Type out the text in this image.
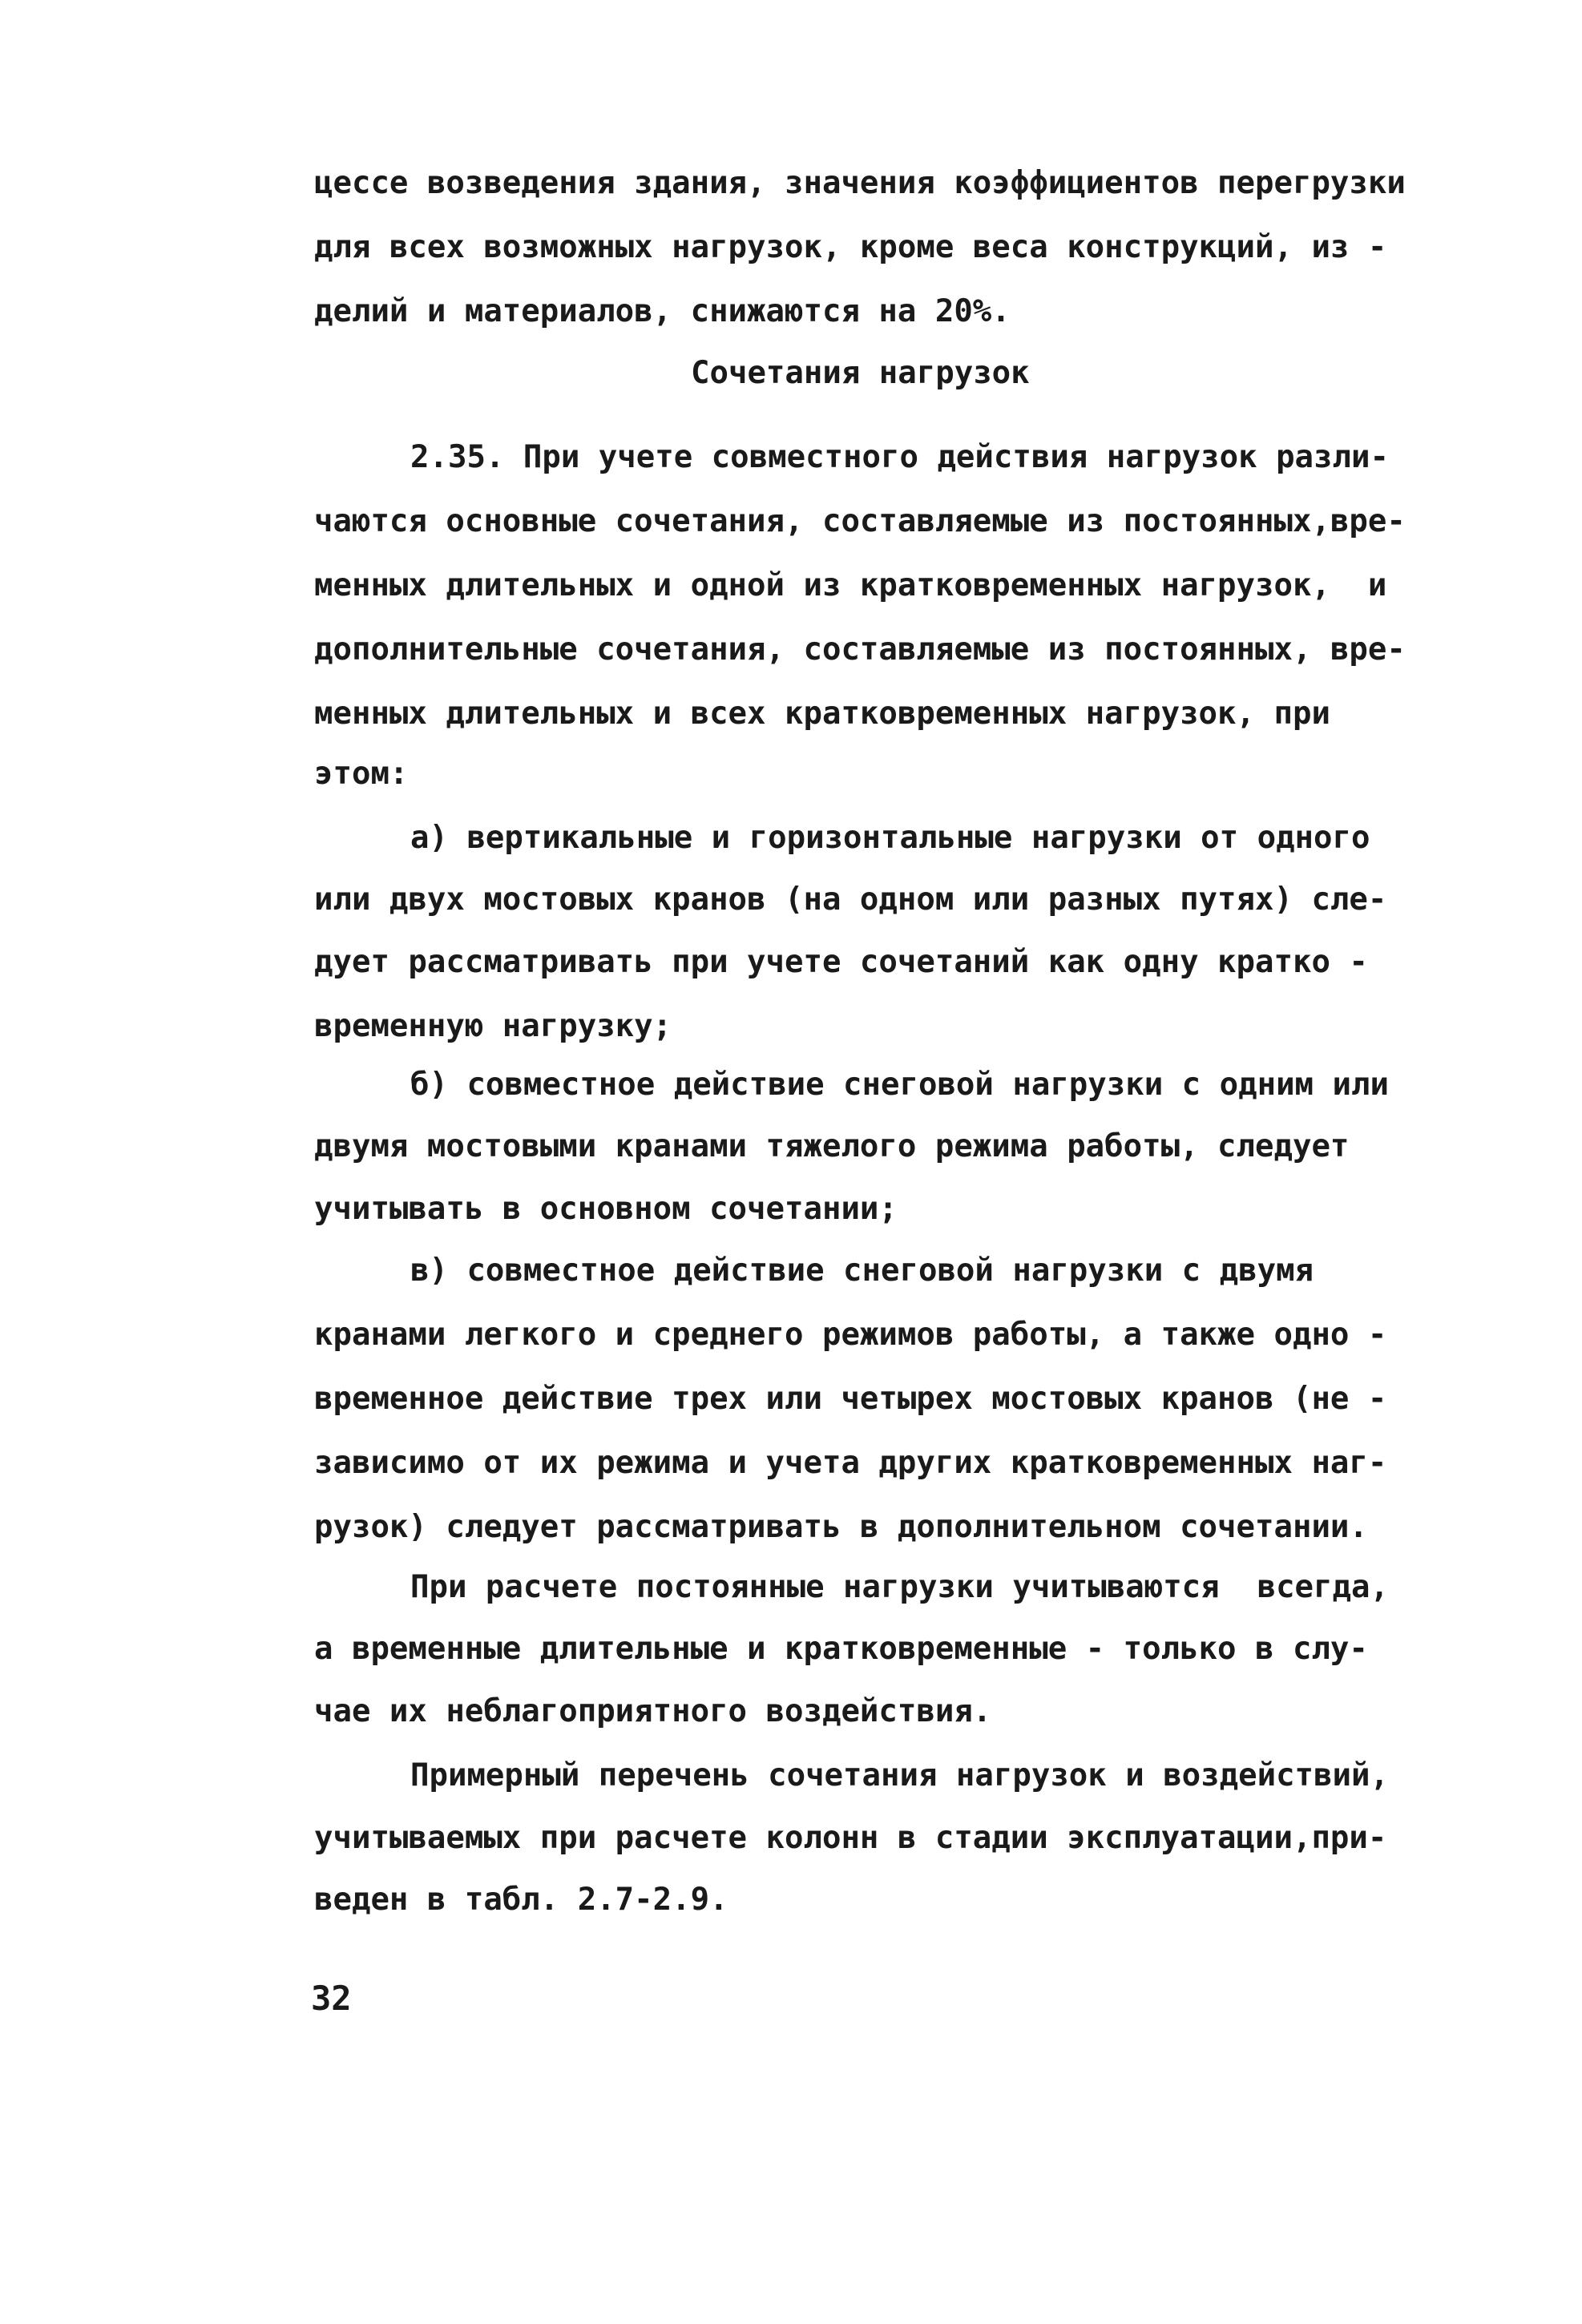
цессе возведения здания, значения коэффициентов перегрузки
для всех возможных нагрузок, кроме веса конструкций, из -
делий и материалов, снижаются на 20%.
Сочетания нагрузок
2.35. При учете совместного действия нагрузок разли-
чаются основные сочетания, составляемые из постоянных,вре-
менных длительных и одной из кратковременных нагрузок,  и
дополнительные сочетания, составляемые из постоянных, вре-
менных длительных и всех кратковременных нагрузок, при
этом:
а) вертикальные и горизонтальные нагрузки от одного
или двух мостовых кранов (на одном или разных путях) сле-
дует рассматривать при учете сочетаний как одну кратко -
временную нагрузку;
б) совместное действие снеговой нагрузки с одним или
двумя мостовыми кранами тяжелого режима работы, следует
учитывать в основном сочетании;
в) совместное действие снеговой нагрузки с двумя
кранами легкого и среднего режимов работы, а также одно -
временное действие трех или четырех мостовых кранов (не -
зависимо от их режима и учета других кратковременных наг-
рузок) следует рассматривать в дополнительном сочетании.
При расчете постоянные нагрузки учитываются  всегда,
а временные длительные и кратковременные - только в слу-
чае их неблагоприятного воздействия.
Примерный перечень сочетания нагрузок и воздействий,
учитываемых при расчете колонн в стадии эксплуатации,при-
веден в табл. 2.7-2.9.
32
